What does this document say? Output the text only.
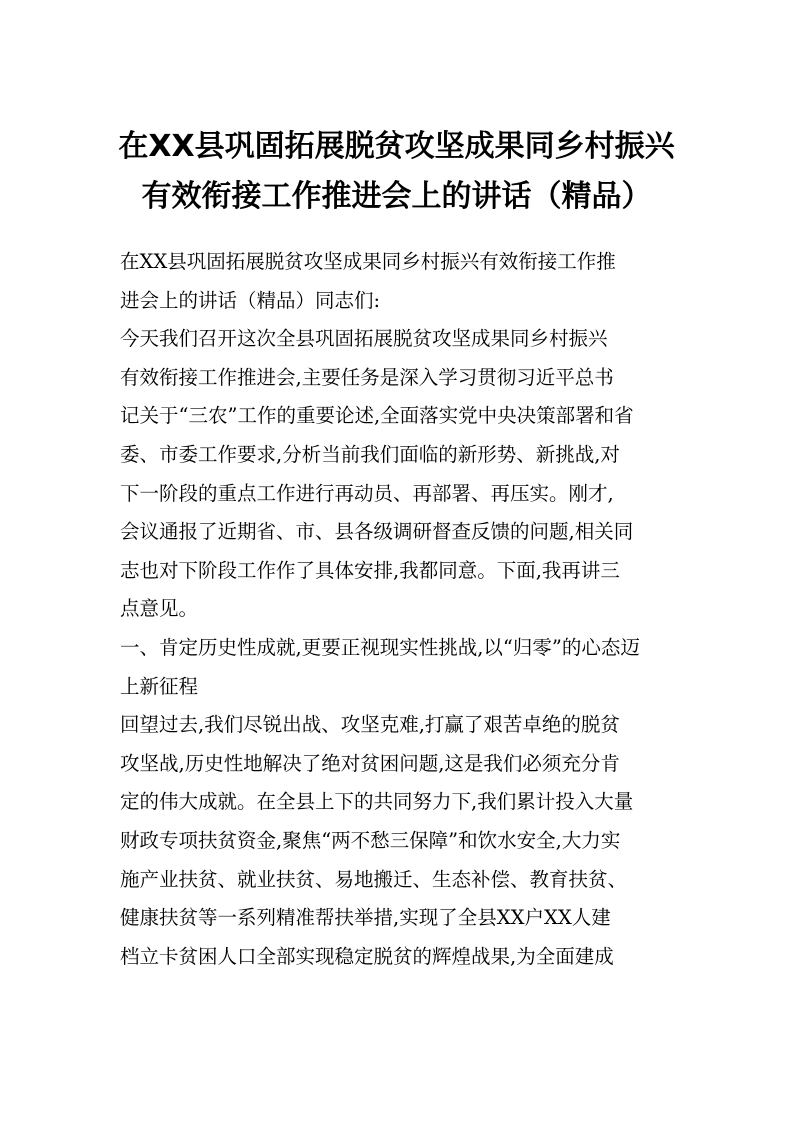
在XX县巩固拓展脱贫攻坚成果同乡村振兴
有效衔接工作推进会上的讲话（精品）
在XX县巩固拓展脱贫攻坚成果同乡村振兴有效衔接工作推
进会上的讲话（精品）同志们:
今天我们召开这次全县巩固拓展脱贫攻坚成果同乡村振兴
有效衔接工作推进会,主要任务是深入学习贯彻习近平总书
记关于“三农”工作的重要论述,全面落实党中央决策部署和省
委、市委工作要求,分析当前我们面临的新形势、新挑战,对
下一阶段的重点工作进行再动员、再部署、再压实。刚才,
会议通报了近期省、市、县各级调研督查反馈的问题,相关同
志也对下阶段工作作了具体安排,我都同意。下面,我再讲三
点意见。
一、肯定历史性成就,更要正视现实性挑战,以“归零”的心态迈
上新征程
回望过去,我们尽锐出战、攻坚克难,打赢了艰苦卓绝的脱贫
攻坚战,历史性地解决了绝对贫困问题,这是我们必须充分肯
定的伟大成就。在全县上下的共同努力下,我们累计投入大量
财政专项扶贫资金,聚焦“两不愁三保障”和饮水安全,大力实
施产业扶贫、就业扶贫、易地搬迁、生态补偿、教育扶贫、
健康扶贫等一系列精准帮扶举措,实现了全县XX户XX人建
档立卡贫困人口全部实现稳定脱贫的辉煌战果,为全面建成
